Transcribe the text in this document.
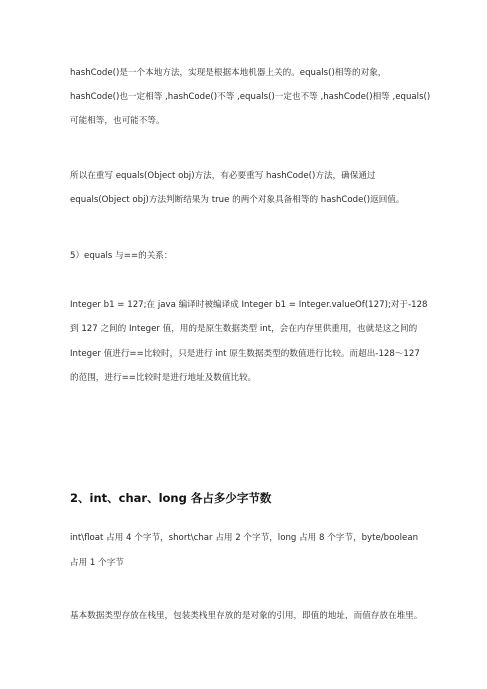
hashCode()是一个本地方法，实现是根据本地机器上关的。equals()相等的对象，
hashCode()也一定相等 ,hashCode()不等 ,equals()一定也不等 ,hashCode()相等 ,equals()
可能相等，也可能不等。
所以在重写 equals(Object obj)方法，有必要重写 hashCode()方法，确保通过
equals(Object obj)方法判断结果为 true 的两个对象具备相等的 hashCode()返回值。
5）equals 与==的关系：
Integer b1 = 127;在 java 编译时被编译成 Integer b1 = Integer.valueOf(127);对于-128
到 127 之间的 Integer 值，用的是原生数据类型 int，会在内存里供重用，也就是这之间的
Integer 值进行==比较时，只是进行 int 原生数据类型的数值进行比较。而超出-128～127
的范围，进行==比较时是进行地址及数值比较。
2、int、char、long 各占多少字节数
int\float 占用 4 个字节，short\char 占用 2 个字节，long 占用 8 个字节，byte/boolean
占用 1 个字节
基本数据类型存放在栈里，包装类栈里存放的是对象的引用，即值的地址，而值存放在堆里。
